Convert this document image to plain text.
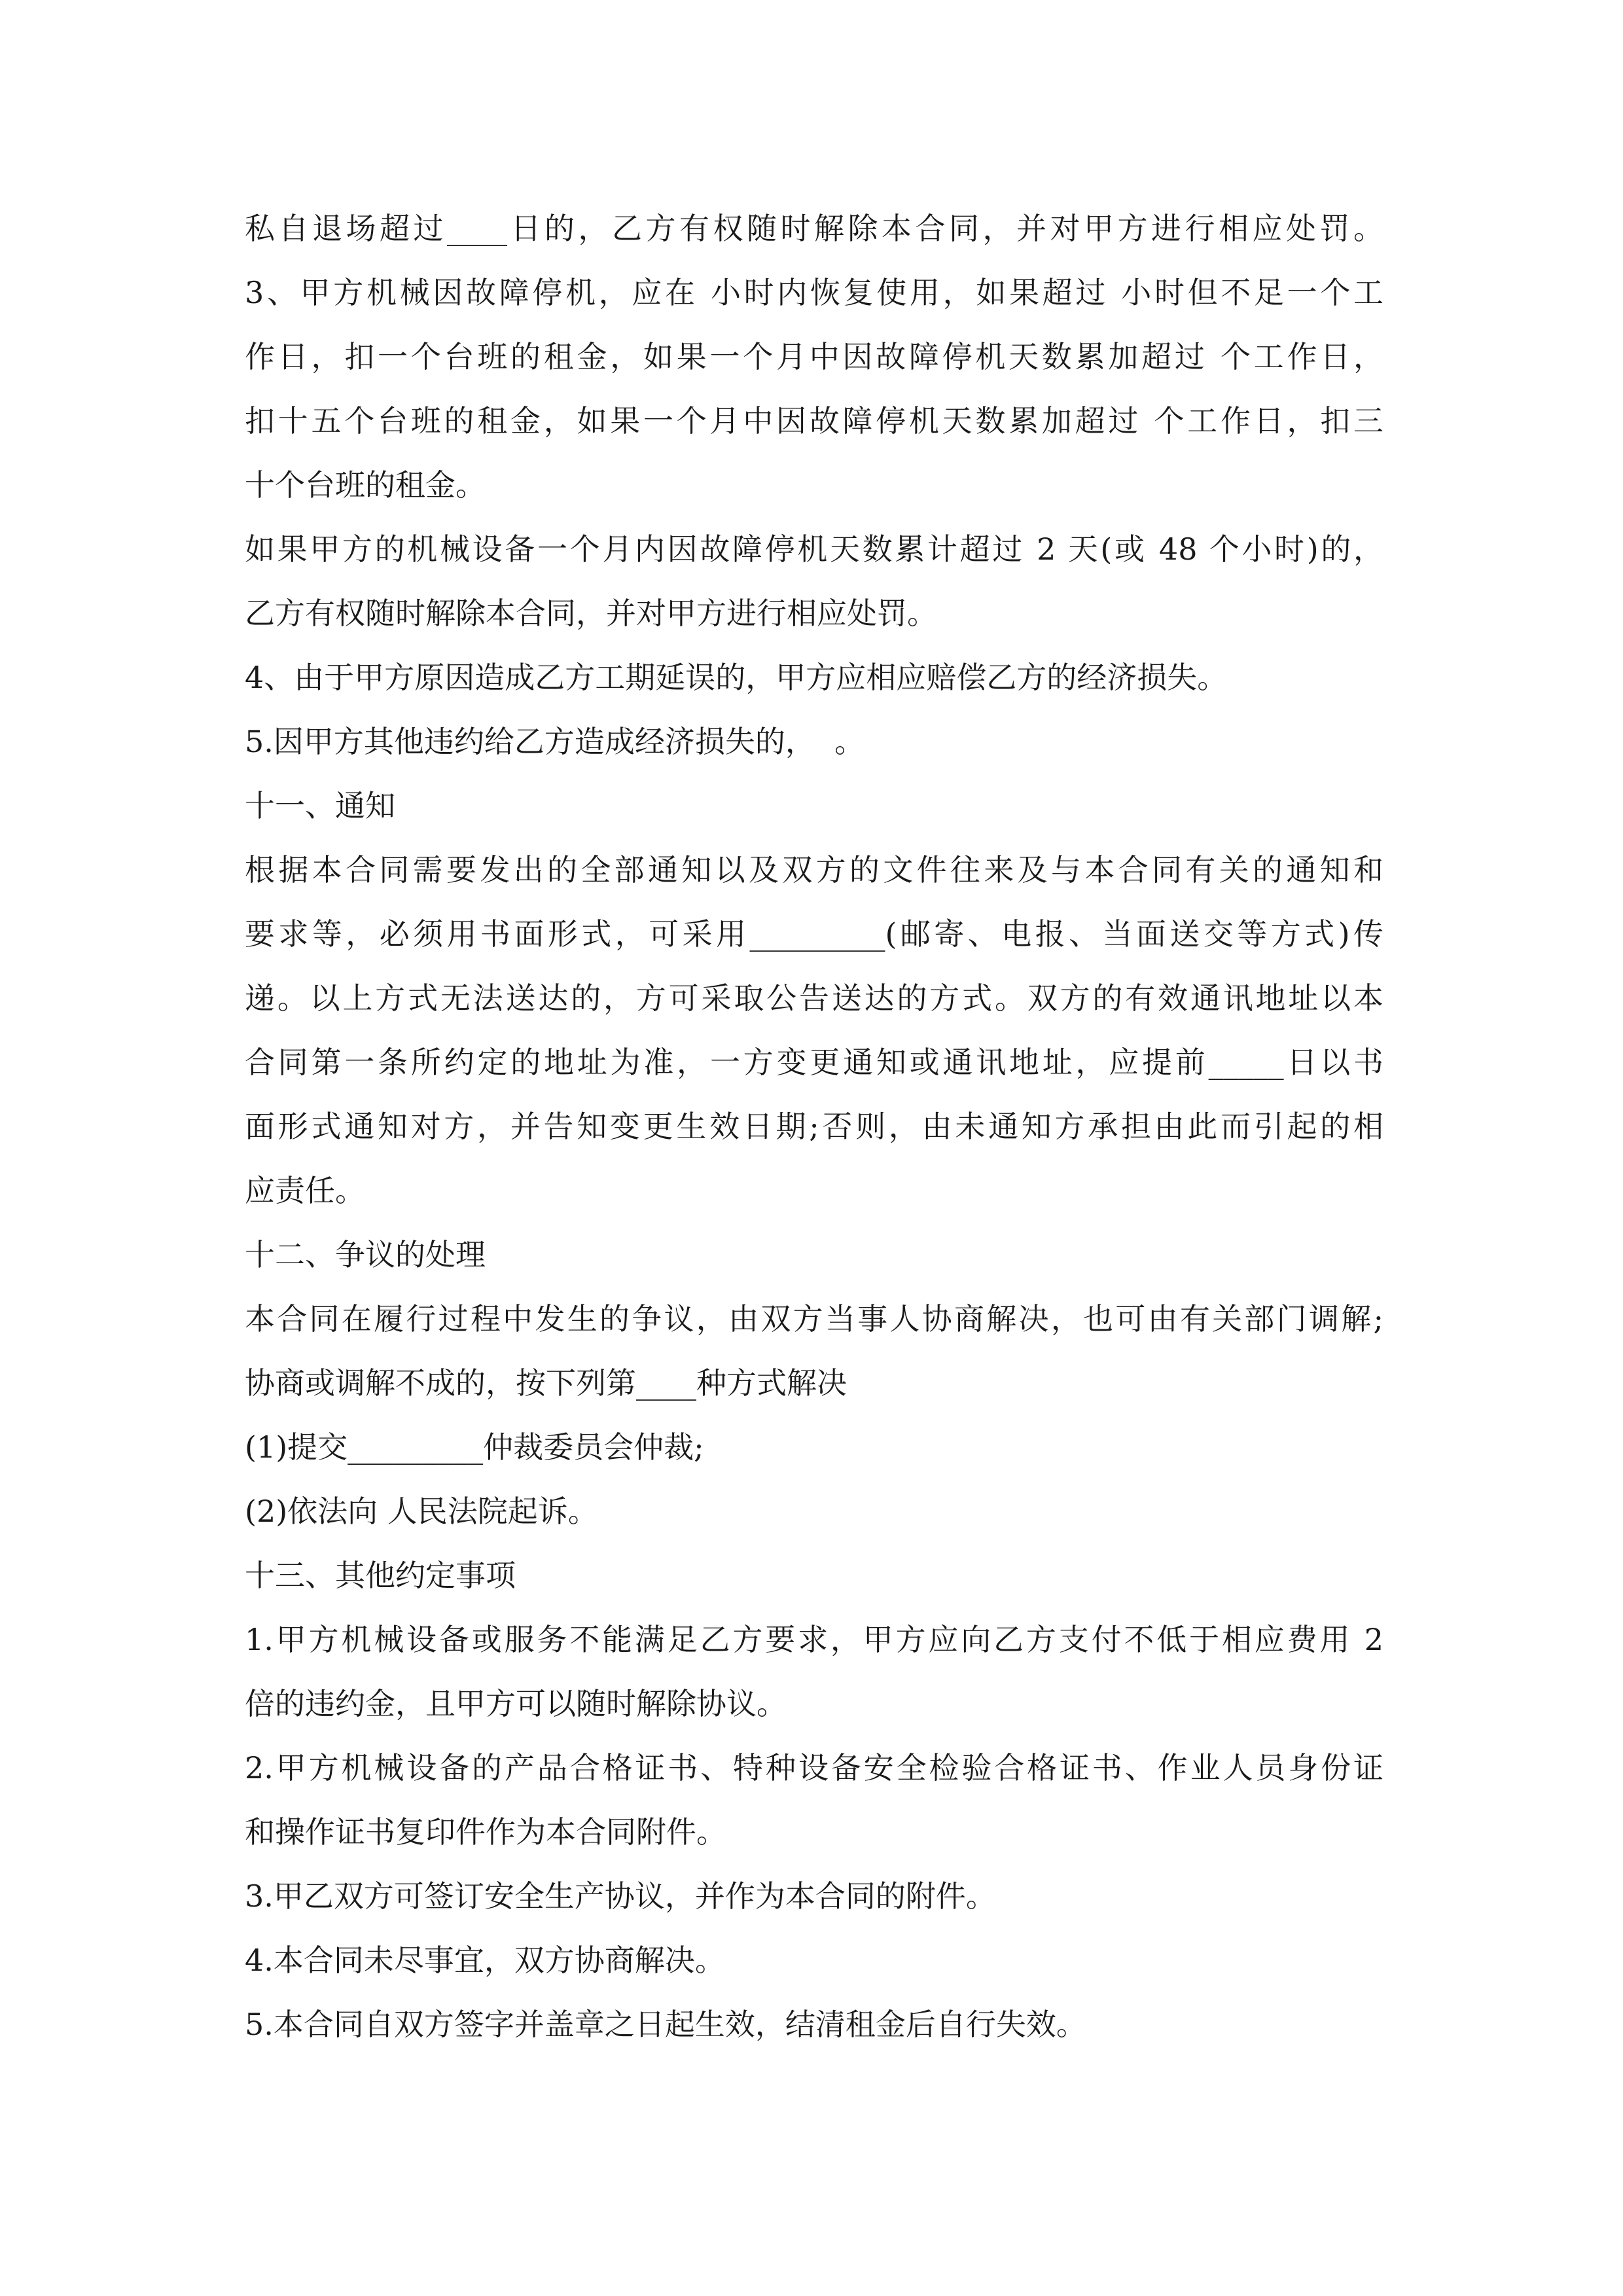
私自退场超过____日的，乙方有权随时解除本合同，并对甲方进行相应处罚。
3、甲方机械因故障停机，应在 小时内恢复使用，如果超过 小时但不足一个工
作日，扣一个台班的租金，如果一个月中因故障停机天数累加超过 个工作日，
扣十五个台班的租金，如果一个月中因故障停机天数累加超过 个工作日，扣三
十个台班的租金。
如果甲方的机械设备一个月内因故障停机天数累计超过 2 天(或 48 个小时)的，
乙方有权随时解除本合同，并对甲方进行相应处罚。
4、由于甲方原因造成乙方工期延误的，甲方应相应赔偿乙方的经济损失。
5.因甲方其他违约给乙方造成经济损失的，  。
十一、通知
根据本合同需要发出的全部通知以及双方的文件往来及与本合同有关的通知和
要求等，必须用书面形式，可采用_________(邮寄、电报、当面送交等方式)传
递。以上方式无法送达的，方可采取公告送达的方式。双方的有效通讯地址以本
合同第一条所约定的地址为准，一方变更通知或通讯地址，应提前_____日以书
面形式通知对方，并告知变更生效日期;否则，由未通知方承担由此而引起的相
应责任。
十二、争议的处理
本合同在履行过程中发生的争议，由双方当事人协商解决，也可由有关部门调解;
协商或调解不成的，按下列第____种方式解决
(1)提交_________仲裁委员会仲裁;
(2)依法向 人民法院起诉。
十三、其他约定事项
1.甲方机械设备或服务不能满足乙方要求，甲方应向乙方支付不低于相应费用 2
倍的违约金，且甲方可以随时解除协议。
2.甲方机械设备的产品合格证书、特种设备安全检验合格证书、作业人员身份证
和操作证书复印件作为本合同附件。
3.甲乙双方可签订安全生产协议，并作为本合同的附件。
4.本合同未尽事宜，双方协商解决。
5.本合同自双方签字并盖章之日起生效，结清租金后自行失效。
